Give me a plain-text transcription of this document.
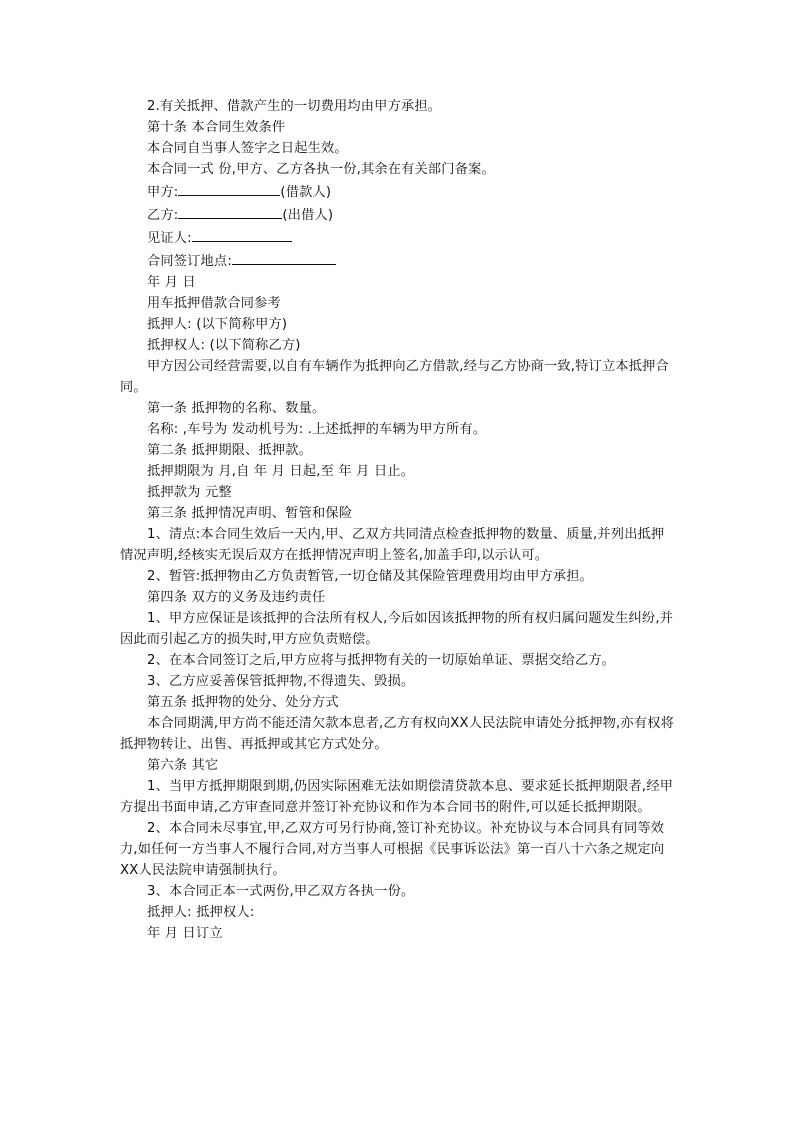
2.有关抵押、借款产生的一切费用均由甲方承担。

第十条 本合同生效条件

本合同自当事人签字之日起生效。

本合同一式 份,甲方、乙方各执一份,其余在有关部门备案。

甲方:	(借款人)

乙方:	(出借人)

见证人:

合同签订地点:

年 月 日

用车抵押借款合同参考

抵押人: (以下简称甲方)

抵押权人: (以下简称乙方)

甲方因公司经营需要,以自有车辆作为抵押向乙方借款,经与乙方协商一致,特订立本抵押合同。

第一条 抵押物的名称、数量。

名称: ,车号为 发动机号为: .上述抵押的车辆为甲方所有。

第二条 抵押期限、抵押款。

抵押期限为 月,自 年 月 日起,至 年 月 日止。

抵押款为 元整

第三条 抵押情况声明、暂管和保险

1、清点:本合同生效后一天内,甲、乙双方共同清点检查抵押物的数量、质量,并列出抵押情况声明,经核实无误后双方在抵押情况声明上签名,加盖手印,以示认可。

2、暂管:抵押物由乙方负责暂管,一切仓储及其保险管理费用均由甲方承担。

第四条 双方的义务及违约责任

1、甲方应保证是该抵押的合法所有权人,今后如因该抵押物的所有权归属问题发生纠纷,并因此而引起乙方的损失时,甲方应负责赔偿。

2、在本合同签订之后,甲方应将与抵押物有关的一切原始单证、票据交给乙方。

3、乙方应妥善保管抵押物,不得遗失、毁损。

第五条 抵押物的处分、处分方式

本合同期满,甲方尚不能还清欠款本息者,乙方有权向XX人民法院申请处分抵押物,亦有权将抵押物转让、出售、再抵押或其它方式处分。

第六条 其它

1、当甲方抵押期限到期,仍因实际困难无法如期偿清贷款本息、要求延长抵押期限者,经甲方提出书面申请,乙方审查同意并签订补充协议和作为本合同书的附件,可以延长抵押期限。

2、本合同未尽事宜,甲,乙双方可另行协商,签订补充协议。补充协议与本合同具有同等效力,如任何一方当事人不履行合同,对方当事人可根据《民事诉讼法》第一百八十六条之规定向XX人民法院申请强制执行。

3、本合同正本一式两份,甲乙双方各执一份。

抵押人: 抵押权人:

年 月 日订立
